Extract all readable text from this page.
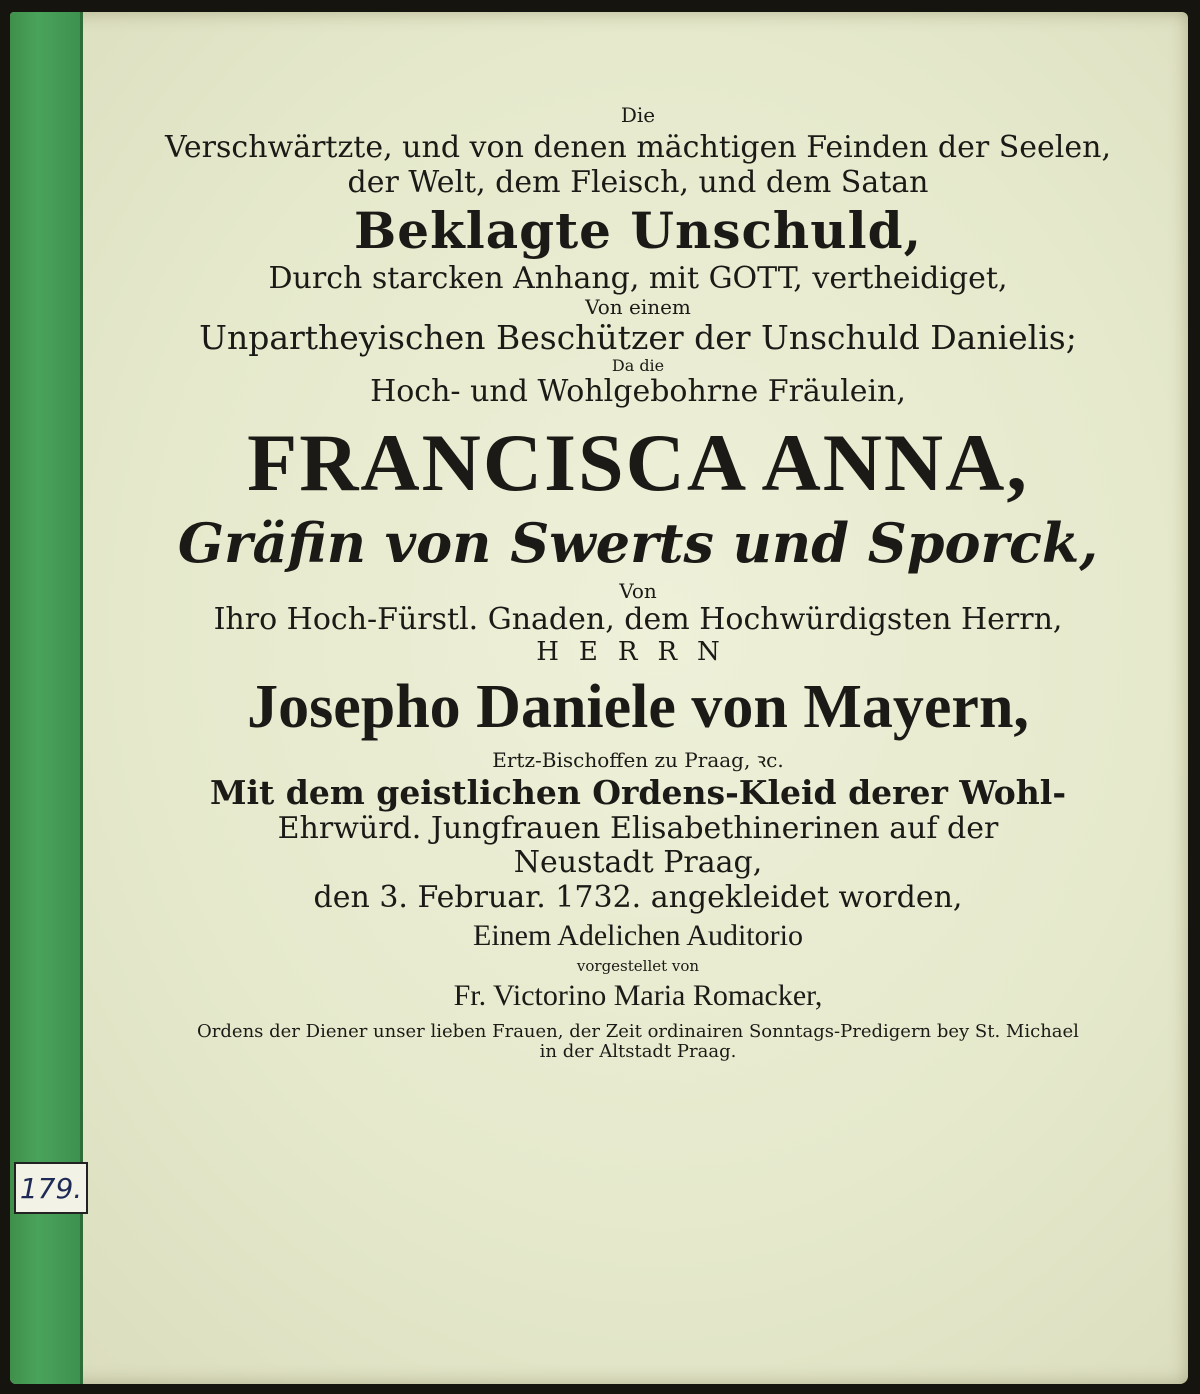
179.
Die
Verschwärtzte, und von denen mächtigen Feinden der Seelen,
der Welt, dem Fleisch, und dem Satan
Beklagte Unschuld,
Durch starcken Anhang, mit GOTT, vertheidiget,
Von einem
Unpartheyischen Beschützer der Unschuld Danielis;
Da die
Hoch- und Wohlgebohrne Fräulein,
FRANCISCA ANNA,
Gräfin von Swerts und Sporck,
Von
Ihro Hoch-Fürstl. Gnaden, dem Hochwürdigsten Herrn,
HERRN
Josepho Daniele von Mayern,
Ertz-Bischoffen zu Praag, ꝛc.
Mit dem geistlichen Ordens-Kleid derer Wohl-
Ehrwürd. Jungfrauen Elisabethinerinen auf der
Neustadt Praag,
den 3. Februar. 1732. angekleidet worden,
Einem Adelichen Auditorio
vorgestellet von
Fr. Victorino Maria Romacker,
Ordens der Diener unser lieben Frauen, der Zeit ordinairen Sonntags-Predigern bey St. Michael
in der Altstadt Praag.
